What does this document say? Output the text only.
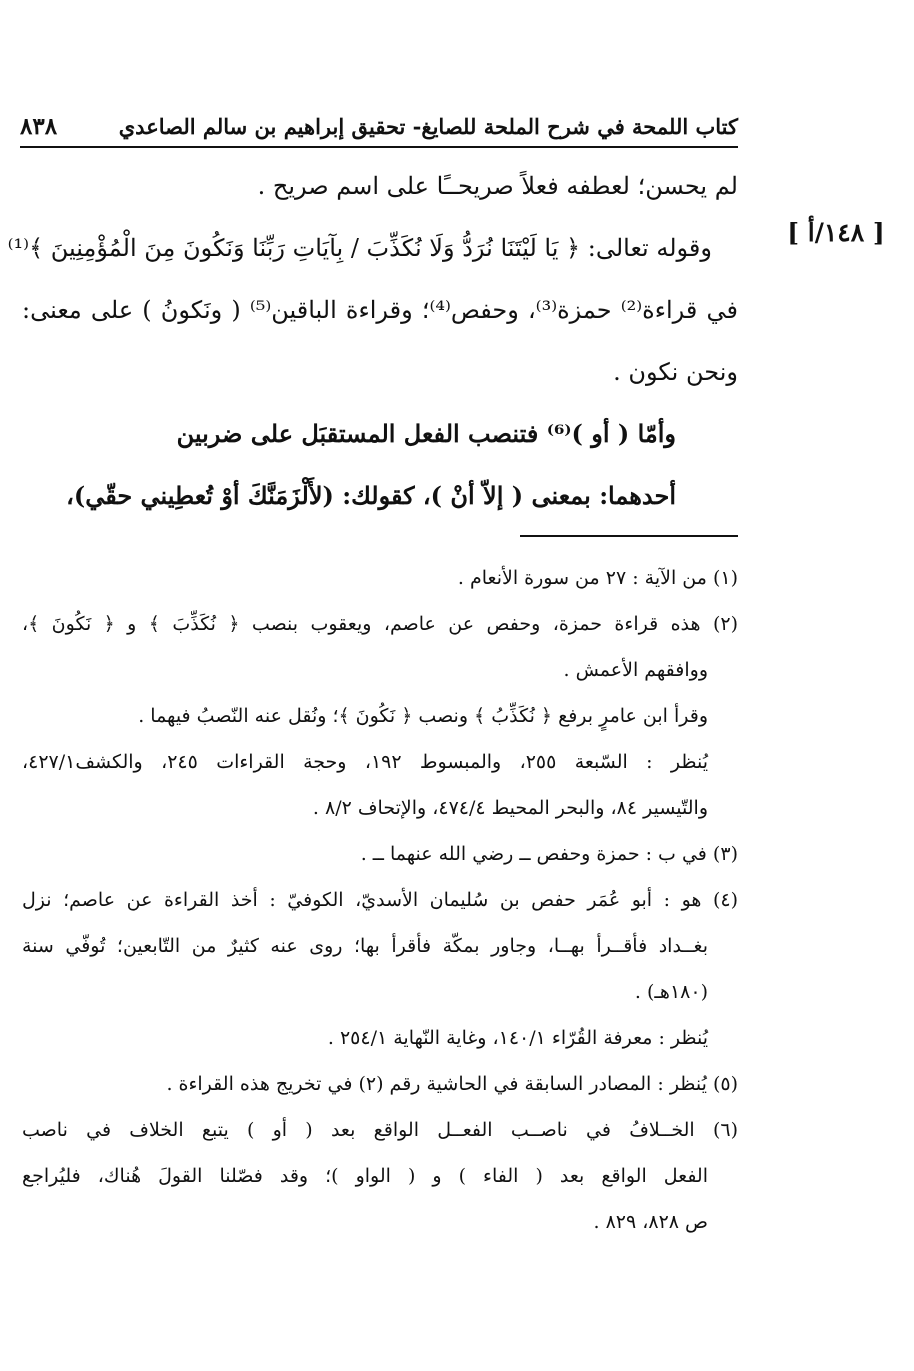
كتاب اللمحة في شرح الملحة للصايغ- تحقيق إبراهيم بن سالم الصاعدي
٨٣٨
[ ١٤٨/أ ]
لم يحسن؛ لعطفه فعلاً صريحــًا على اسم صريح .
وقوله تعالى: ﴿ يَا لَيْتَنَا نُرَدُّ وَلَا نُكَذِّبَ / بِآيَاتِ رَبِّنَا وَنَكُونَ مِنَ الْمُؤْمِنِينَ ﴾⁽¹⁾
في قراءة⁽²⁾ حمزة⁽³⁾، وحفص⁽⁴⁾؛ وقراءة الباقين⁽⁵⁾ ( ونَكونُ ) على معنى:
ونحن نكون .
وأمّا ( أو )⁽⁶⁾ فتنصب الفعل المستقبَل على ضربين
أحدهما: بمعنى ( إلاّ أنْ )، كقولك: (لأَلْزَمَنَّكَ أوْ تُعطِيني حقّي)،
(١) من الآية : ٢٧ من سورة الأنعام .
(٢) هذه قراءة حمزة، وحفص عن عاصم، ويعقوب بنصب ﴿ نُكَذِّبَ ﴾ و ﴿ نَكُونَ ﴾،
ووافقهم الأعمش .
وقرأ ابن عامرٍ برفع ﴿ نُكَذِّبُ ﴾ ونصب ﴿ نَكُونَ ﴾؛ ونُقل عنه النّصبُ فيهما .
يُنظر : السّبعة ٢٥٥، والمبسوط ١٩٢، وحجة القراءات ٢٤٥، والكشف٤٢٧/١،
والتّيسير ٨٤، والبحر المحيط ٤٧٤/٤، والإتحاف ٨/٢ .
(٣) في ب : حمزة وحفص ــ رضي الله عنهما ــ .
(٤) هو : أبو عُمَر حفص بن سُليمان الأسديّ، الكوفيّ : أخذ القراءة عن عاصم؛ نزل
بغــداد فأقــرأ بهــا، وجاور بمكّة فأقرأ بها؛ روى عنه كثيرٌ من التّابعين؛ تُوفّي سنة
(١٨٠هـ) .
يُنظر : معرفة القُرّاء ١٤٠/١، وغاية النّهاية ٢٥٤/١ .
(٥) يُنظر : المصادر السابقة في الحاشية رقم (٢) في تخريج هذه القراءة .
(٦) الخــلافُ في ناصــب الفعــل الواقع بعد ( أو ) يتبع الخلاف في ناصب
الفعل الواقع بعد ( الفاء ) و ( الواو )؛ وقد فصّلنا القولَ هُناك، فليُراجع
ص ٨٢٨، ٨٢٩ .
